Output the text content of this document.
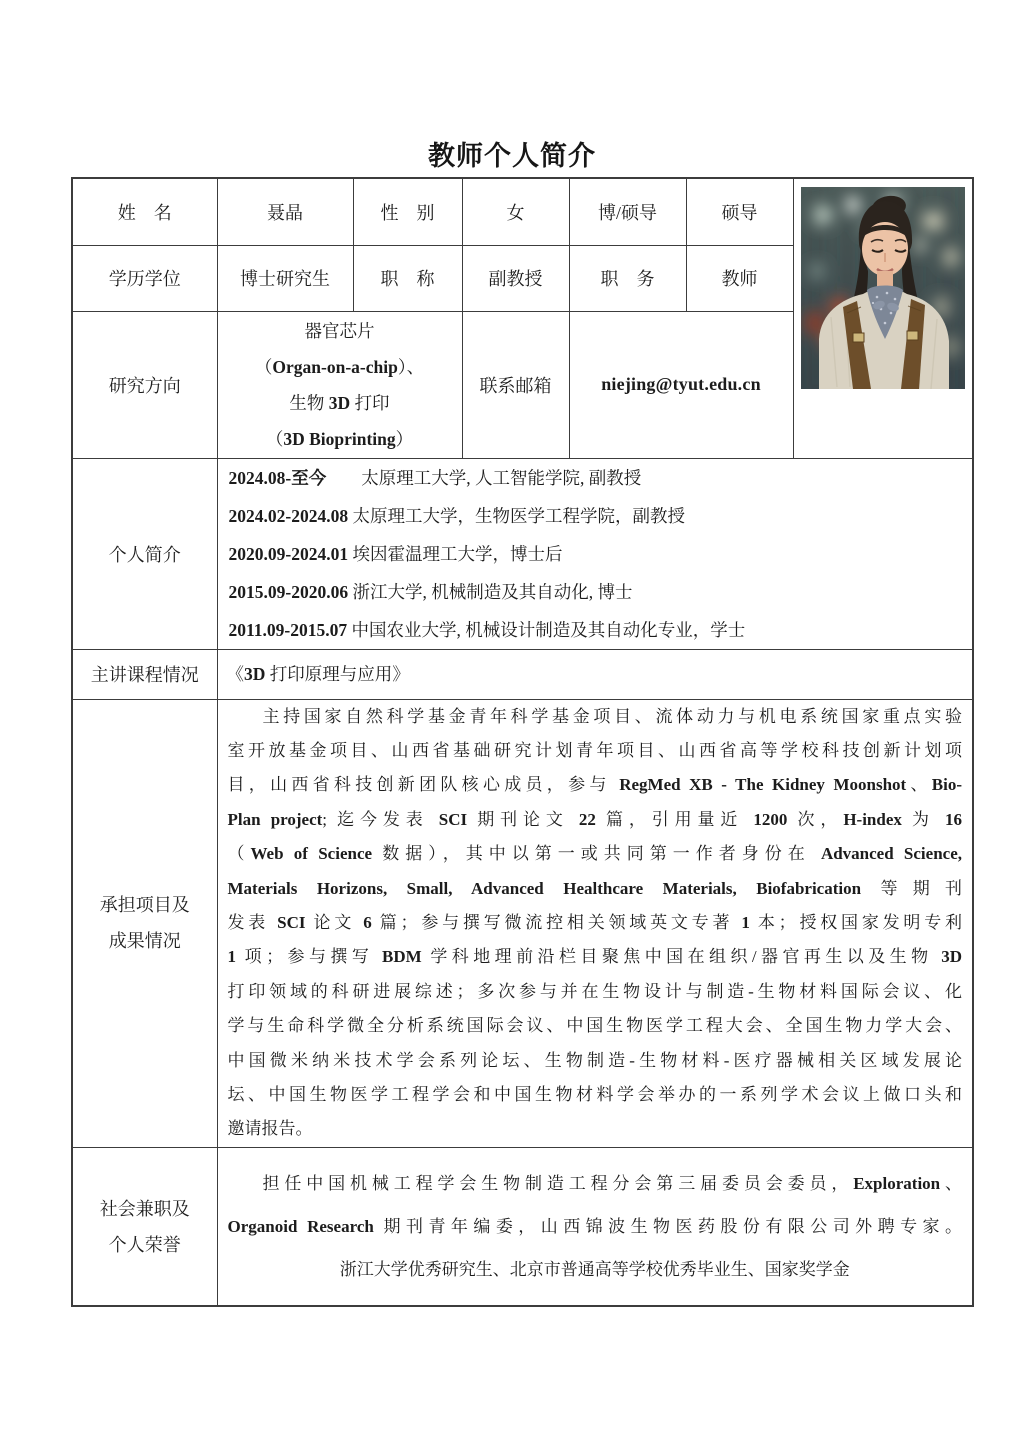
教师个人简介
姓　名	聂晶	性　别	女	博/硕导	硕导	

学历学位	博士研究生	职　称	副教授	职　务	教师	
研究方向	器官芯片
（Organ-on-a-chip）、
生物 3D 打印
（3D Bioprinting）		联系邮箱	niejing@tyut.edu.cn		
个人简介	2024.08-至今　　太原理工大学, 人工智能学院, 副教授
2024.02-2024.08 太原理工大学，生物医学工程学院，副教授
2020.09-2024.01 埃因霍温理工大学，博士后
2015.09-2020.06 浙江大学, 机械制造及其自动化, 博士
2011.09-2015.07 中国农业大学, 机械设计制造及其自动化专业，学士					

主讲课程情况	《3D 打印原理与应用》					

承担项目及
成果情况

主持国家自然科学基金青年科学基金项目、流体动力与机电系统国家重点实验
室开放基金项目、山西省基础研究计划青年项目、山西省高等学校科技创新计划项
目，山西省科技创新团队核心成员，参与 RegMed XB - The Kidney Moonshot、Bio-
Plan project; 迄今发表 SCI 期刊论文 22 篇，引用量近 1200 次，H-index 为 16
（Web of Science 数据），其中以第一或共同第一作者身份在 Advanced Science,
Materials Horizons, Small, Advanced Healthcare Materials, Biofabrication 等期刊
发表 SCI 论文 6 篇；参与撰写微流控相关领域英文专著 1 本；授权国家发明专利
1 项；参与撰写 BDM 学科地理前沿栏目聚焦中国在组织/器官再生以及生物 3D
打印领域的科研进展综述；多次参与并在生物设计与制造-生物材料国际会议、化
学与生命科学微全分析系统国际会议、中国生物医学工程大会、全国生物力学大会、
中国微米纳米技术学会系列论坛、生物制造-生物材料-医疗器械相关区域发展论
坛、中国生物医学工程学会和中国生物材料学会举办的一系列学术会议上做口头和
邀请报告。

社会兼职及
个人荣誉

担任中国机械工程学会生物制造工程分会第三届委员会委员，Exploration、
Organoid Research 期刊青年编委，山西锦波生物医药股份有限公司外聘专家。
浙江大学优秀研究生、北京市普通高等学校优秀毕业生、国家奖学金
